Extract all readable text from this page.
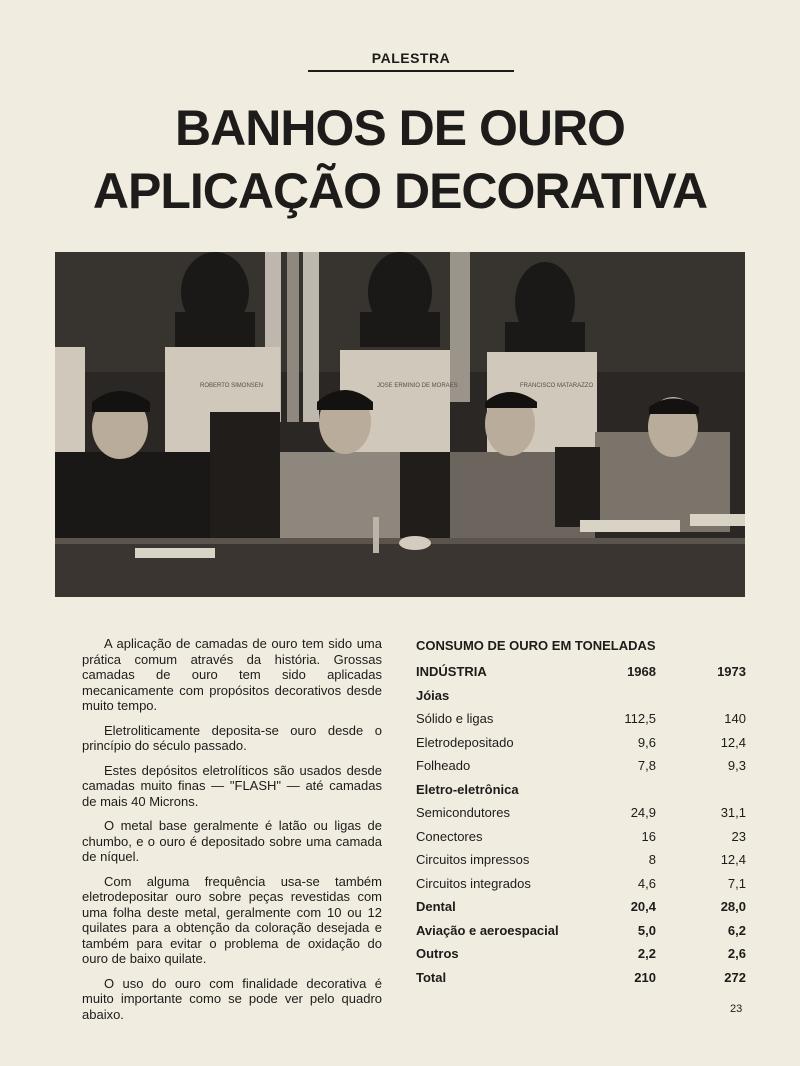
PALESTRA
BANHOS DE OURO
APLICAÇÃO DECORATIVA
ROBERTO SIMONSEN	JOSE ERMINIO DE MORAES	FRANCISCO MATARAZZO

A aplicação de camadas de ouro tem sido uma prática comum através da história. Grossas camadas de ouro tem sido aplicadas mecanicamente com propósitos decorativos desde muito tempo.

Eletroliticamente deposita-se ouro desde o princípio do século passado.

Estes depósitos eletrolíticos são usados desde camadas muito finas — "FLASH" — até camadas de mais 40 Microns.

O metal base geralmente é latão ou ligas de chumbo, e o ouro é depositado sobre uma camada de níquel.

Com alguma frequência usa-se também eletrodepositar ouro sobre peças revestidas com uma folha deste metal, geralmente com 10 ou 12 quilates para a obtenção da coloração desejada e também para evitar o problema de oxidação do ouro de baixo quilate.

O uso do ouro com finalidade decorativa é muito importante como se pode ver pelo quadro abaixo.

CONSUMO DE OURO EM TONELADAS
INDÚSTRIA	1968	1973
Jóias
Sólido e ligas	112,5	140
Eletrodepositado	9,6	12,4
Folheado	7,8	9,3
Eletro-eletrônica
Semicondutores	24,9	31,1
Conectores	16	23
Circuitos impressos	8	12,4
Circuitos integrados	4,6	7,1
Dental	20,4	28,0
Aviação e aeroespacial	5,0	6,2
Outros	2,2	2,6
Total	210	272
23
